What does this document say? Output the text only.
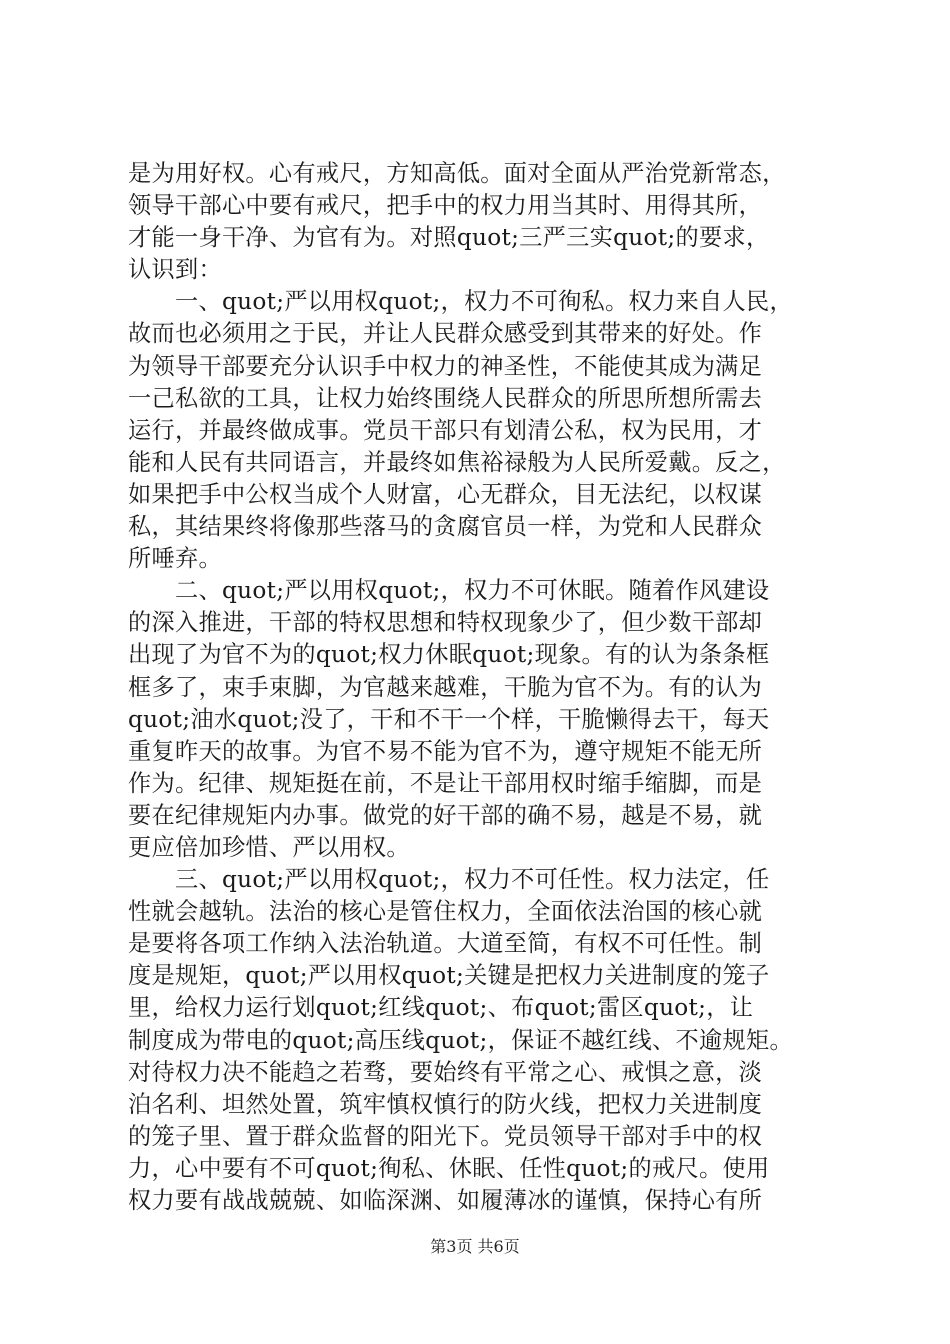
是为用好权。心有戒尺，方知高低。面对全面从严治党新常态，
领导干部心中要有戒尺，把手中的权力用当其时、用得其所，
才能一身干净、为官有为。对照quot;三严三实quot;的要求，
认识到：
　　一、quot;严以用权quot;，权力不可徇私。权力来自人民，
故而也必须用之于民，并让人民群众感受到其带来的好处。作
为领导干部要充分认识手中权力的神圣性，不能使其成为满足
一己私欲的工具，让权力始终围绕人民群众的所思所想所需去
运行，并最终做成事。党员干部只有划清公私，权为民用，才
能和人民有共同语言，并最终如焦裕禄般为人民所爱戴。反之，
如果把手中公权当成个人财富，心无群众，目无法纪，以权谋
私，其结果终将像那些落马的贪腐官员一样，为党和人民群众
所唾弃。
　　二、quot;严以用权quot;，权力不可休眠。随着作风建设
的深入推进，干部的特权思想和特权现象少了，但少数干部却
出现了为官不为的quot;权力休眠quot;现象。有的认为条条框
框多了，束手束脚，为官越来越难，干脆为官不为。有的认为
quot;油水quot;没了，干和不干一个样，干脆懒得去干，每天
重复昨天的故事。为官不易不能为官不为，遵守规矩不能无所
作为。纪律、规矩挺在前，不是让干部用权时缩手缩脚，而是
要在纪律规矩内办事。做党的好干部的确不易，越是不易，就
更应倍加珍惜、严以用权。
　　三、quot;严以用权quot;，权力不可任性。权力法定，任
性就会越轨。法治的核心是管住权力，全面依法治国的核心就
是要将各项工作纳入法治轨道。大道至简，有权不可任性。制
度是规矩，quot;严以用权quot;关键是把权力关进制度的笼子
里，给权力运行划quot;红线quot;、布quot;雷区quot;，让
制度成为带电的quot;高压线quot;，保证不越红线、不逾规矩。
对待权力决不能趋之若骛，要始终有平常之心、戒惧之意，淡
泊名利、坦然处置，筑牢慎权慎行的防火线，把权力关进制度
的笼子里、置于群众监督的阳光下。党员领导干部对手中的权
力，心中要有不可quot;徇私、休眠、任性quot;的戒尺。使用
权力要有战战兢兢、如临深渊、如履薄冰的谨慎，保持心有所
第3页 共6页
